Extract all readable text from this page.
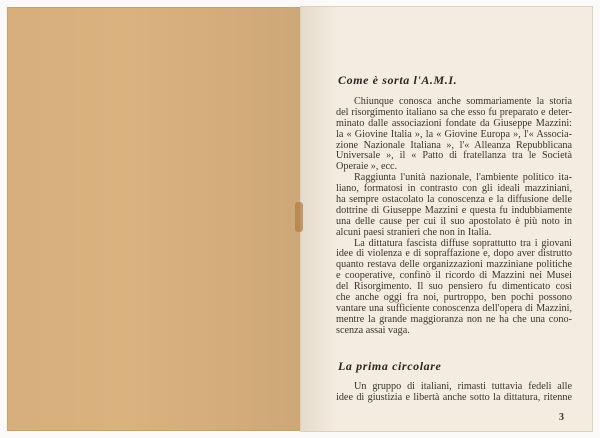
Come è sorta l'A.M.I.
Chiunque conosca anche sommariamente la storia
del risorgimento italiano sa che esso fu preparato e deter-
minato dalle associazioni fondate da Giuseppe Mazzini:
la « Giovine Italia », la « Giovine Europa », l'« Associa-
zione Nazionale Italiana », l'« Alleanza Repubblicana
Universale », il « Patto di fratellanza tra le Società
Operaie », ecc.
Raggiunta l'unità nazionale, l'ambiente politico ita-
liano, formatosi in contrasto con gli ideali mazziniani,
ha sempre ostacolato la conoscenza e la diffusione delle
dottrine di Giuseppe Mazzini e questa fu indubbiamente
una delle cause per cui il suo apostolato è più noto in
alcuni paesi stranieri che non in Italia.
La dittatura fascista diffuse soprattutto tra i giovani
idee di violenza e di sopraffazione e, dopo aver distrutto
quanto restava delle organizzazioni mazziniane politiche
e cooperative, confinò il ricordo di Mazzini nei Musei
del Risorgimento. Il suo pensiero fu dimenticato così
che anche oggi fra noi, purtroppo, ben pochi possono
vantare una sufficiente conoscenza dell'opera di Mazzini,
mentre la grande maggioranza non ne ha che una cono-
scenza assai vaga.
La prima circolare
Un gruppo di italiani, rimasti tuttavia fedeli alle
idee di giustizia e libertà anche sotto la dittatura, ritenne
3
